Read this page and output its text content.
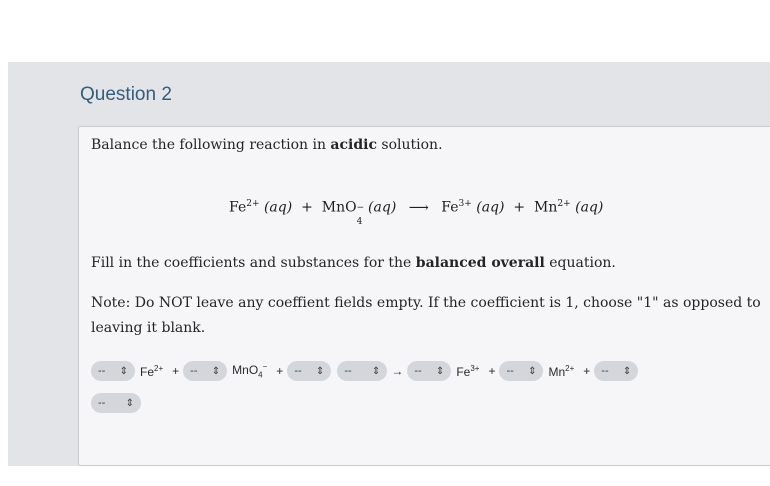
Question 2
Balance the following reaction in acidic solution.
$Fe^{2+}$ (aq) + MnO −
4
(aq) ⟶ $Fe^{3+}$ $(aq) + Mn^{2+}$ (aq)
Fill in the coefficients and substances for the balanced overall equation.
Note: Do NOT leave any coeffient fields empty. If the coefficient is 1, choose "1" as opposed to leaving it blank.
-- ⇕ $Fe^{2+}$ + -- ⇕ MnO$_4$− + -- ⇕ -- ⇕ → -- ⇕ $Fe^{3+}$ + -- ⇕ $Mn^{2+}$ + -- ⇕
-- ⇕
